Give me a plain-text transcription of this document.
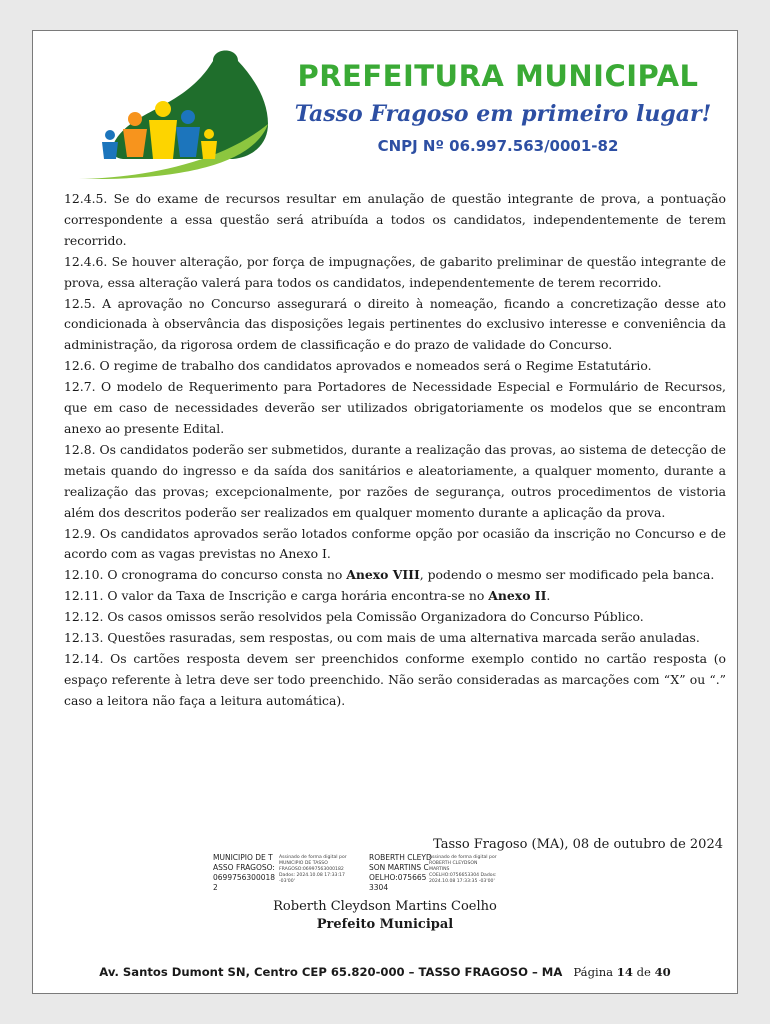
PREFEITURA MUNICIPAL
Tasso Fragoso em primeiro lugar!
CNPJ Nº 06.997.563/0001-82

12.4.5. Se do exame de recursos resultar em anulação de questão integrante de prova, a pontuação correspondente a essa questão será atribuída a todos os candidatos, independentemente de terem recorrido.

12.4.6. Se houver alteração, por força de impugnações, de gabarito preliminar de questão integrante de prova, essa alteração valerá para todos os candidatos, independentemente de terem recorrido.

12.5. A aprovação no Concurso assegurará o direito à nomeação, ficando a concretização desse ato condicionada à observância das disposições legais pertinentes do exclusivo interesse e conveniência da administração, da rigorosa ordem de classificação e do prazo de validade do Concurso.

12.6. O regime de trabalho dos candidatos aprovados e nomeados será o Regime Estatutário.

12.7. O modelo de Requerimento para Portadores de Necessidade Especial e Formulário de Recursos, que em caso de necessidades deverão ser utilizados obrigatoriamente os modelos que se encontram anexo ao presente Edital.

12.8. Os candidatos poderão ser submetidos, durante a realização das provas, ao sistema de detecção de metais quando do ingresso e da saída dos sanitários e aleatoriamente, a qualquer momento, durante a realização das provas; excepcionalmente, por razões de segurança, outros procedimentos de vistoria além dos descritos poderão ser realizados em qualquer momento durante a aplicação da prova.

12.9. Os candidatos aprovados serão lotados conforme opção por ocasião da inscrição no Concurso e de acordo com as vagas previstas no Anexo I.

12.10. O cronograma do concurso consta no Anexo VIII, podendo o mesmo ser modificado pela banca.

12.11. O valor da Taxa de Inscrição e carga horária encontra-se no Anexo II.

12.12. Os casos omissos serão resolvidos pela Comissão Organizadora do Concurso Público.

12.13. Questões rasuradas, sem respostas, ou com mais de uma alternativa marcada serão anuladas.

12.14. Os cartões resposta devem ser preenchidos conforme exemplo contido no cartão resposta (o espaço referente à letra deve ser todo preenchido. Não serão consideradas as marcações com “X” ou “.” caso a leitora não faça a leitura automática).

Tasso Fragoso (MA), 08 de outubro de 2024
MUNICIPIO DE TASSO FRAGOSO:06997563000182
Assinado de forma digital por MUNICIPIO DE TASSO FRAGOSO:06997563000182 Dados: 2024.10.08 17:33:17 -03'00'
ROBERTH CLEYDSON MARTINS COELHO:075665 3304
Assinado de forma digital por ROBERTH CLEYDSON MARTINS COELHO:0756653304 Dados: 2024.10.08 17:33:35 -03'00'
Roberth Cleydson Martins Coelho
Prefeito Municipal
Av. Santos Dumont SN, Centro CEP 65.820-000 – TASSO FRAGOSO – MA Página 14 de 40
